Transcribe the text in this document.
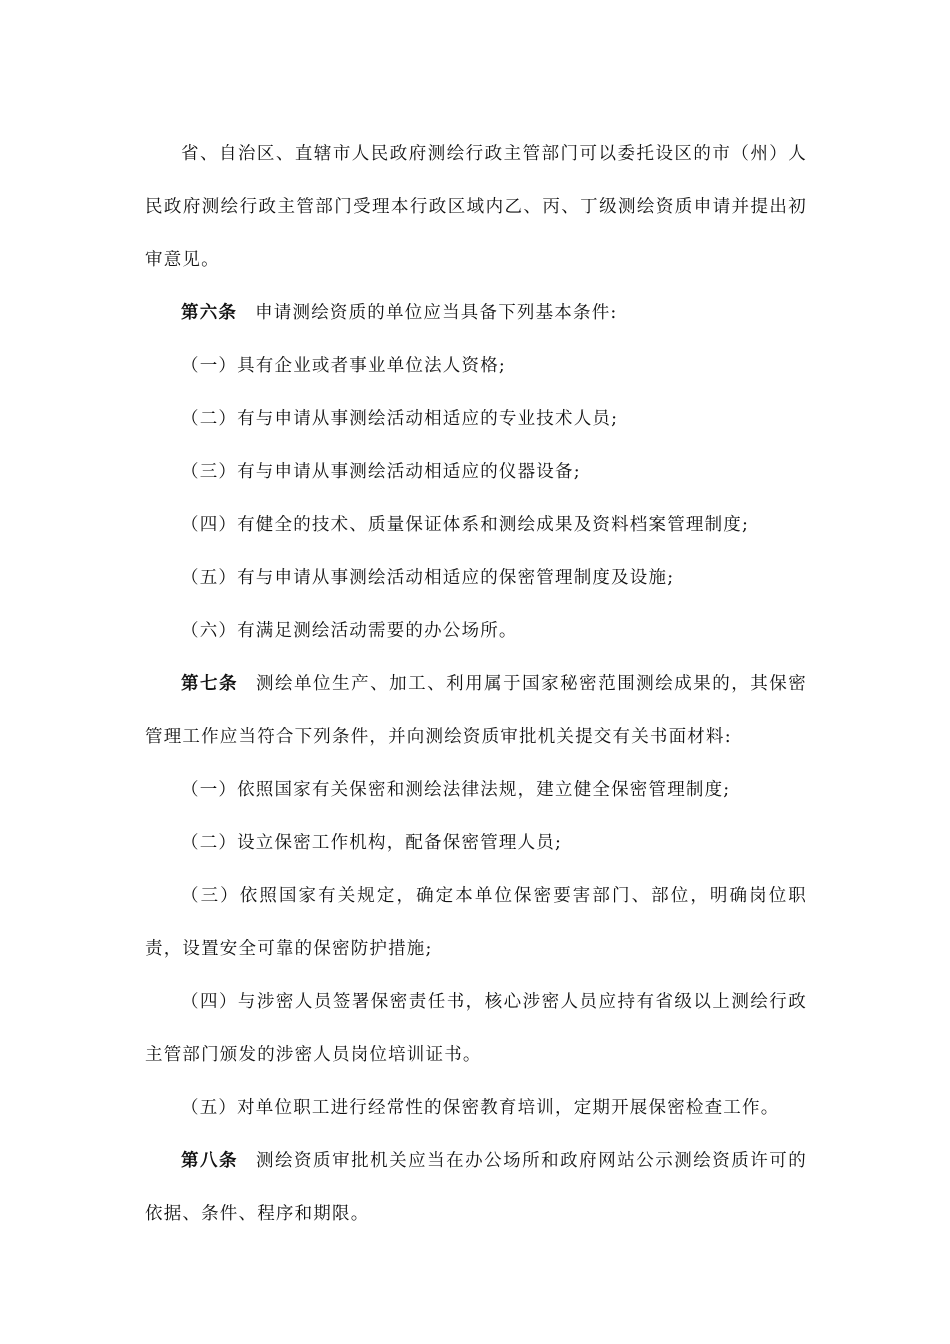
省、自治区、直辖市人民政府测绘行政主管部门可以委托设区的市（州）人民政府测绘行政主管部门受理本行政区域内乙、丙、丁级测绘资质申请并提出初审意见。

第六条 申请测绘资质的单位应当具备下列基本条件:

（一）具有企业或者事业单位法人资格;

（二）有与申请从事测绘活动相适应的专业技术人员;

（三）有与申请从事测绘活动相适应的仪器设备;

（四）有健全的技术、质量保证体系和测绘成果及资料档案管理制度;

（五）有与申请从事测绘活动相适应的保密管理制度及设施;

（六）有满足测绘活动需要的办公场所。

第七条 测绘单位生产、加工、利用属于国家秘密范围测绘成果的，其保密管理工作应当符合下列条件，并向测绘资质审批机关提交有关书面材料:

（一）依照国家有关保密和测绘法律法规，建立健全保密管理制度;

（二）设立保密工作机构，配备保密管理人员;

（三）依照国家有关规定，确定本单位保密要害部门、部位，明确岗位职责，设置安全可靠的保密防护措施;

（四）与涉密人员签署保密责任书，核心涉密人员应持有省级以上测绘行政主管部门颁发的涉密人员岗位培训证书。

（五）对单位职工进行经常性的保密教育培训，定期开展保密检查工作。

第八条 测绘资质审批机关应当在办公场所和政府网站公示测绘资质许可的依据、条件、程序和期限。
